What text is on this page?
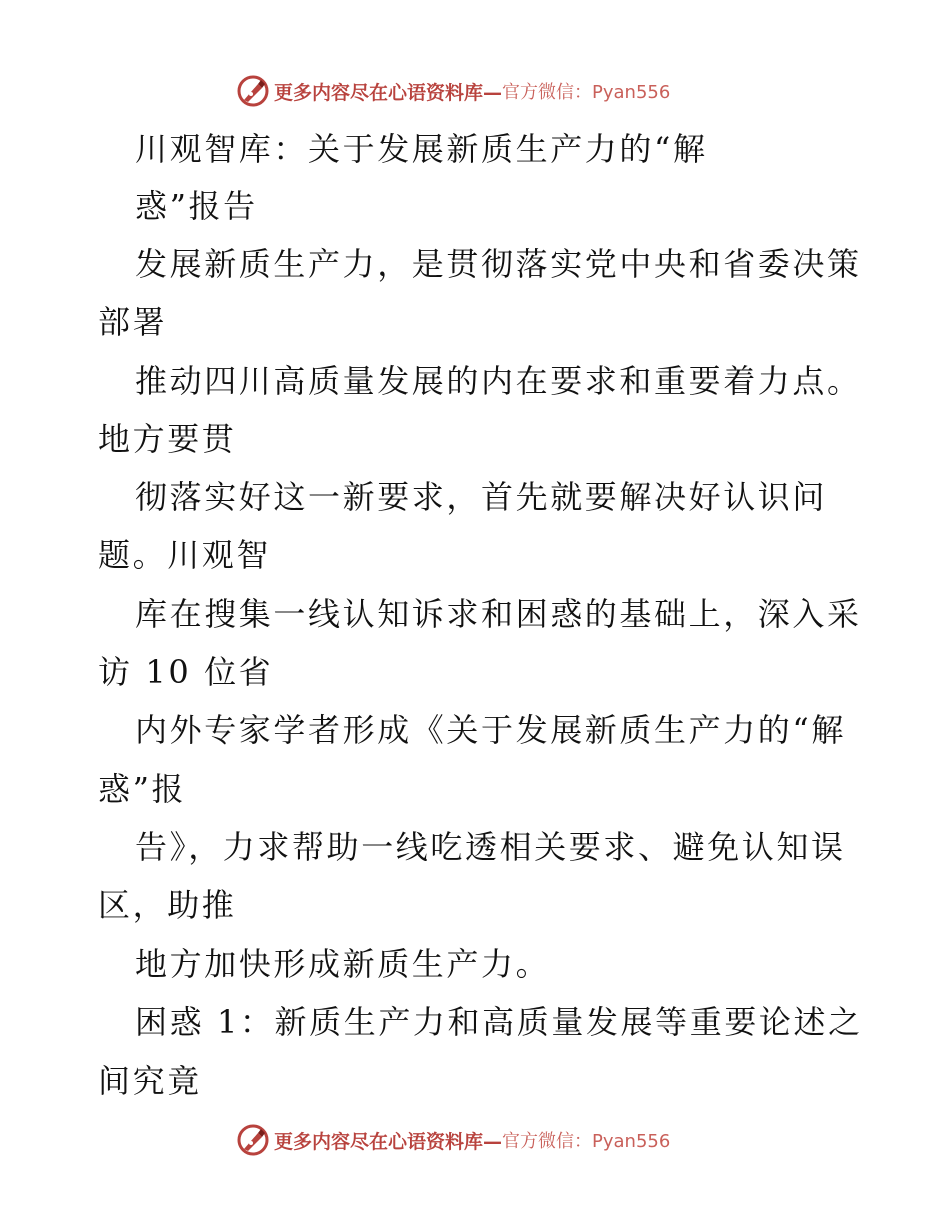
更多内容尽在心语资料库— 官方微信：Pyan556
川观智库：关于发展新质生产力的“解
惑”报告
发展新质生产力，是贯彻落实党中央和省委决策
部署
推动四川高质量发展的内在要求和重要着力点。
地方要贯
彻落实好这一新要求，首先就要解决好认识问
题。川观智
库在搜集一线认知诉求和困惑的基础上，深入采
访 10 位省
内外专家学者形成《关于发展新质生产力的“解
惑”报
告》，力求帮助一线吃透相关要求、避免认知误
区，助推
地方加快形成新质生产力。
困惑 1：新质生产力和高质量发展等重要论述之
间究竟
更多内容尽在心语资料库— 官方微信：Pyan556
